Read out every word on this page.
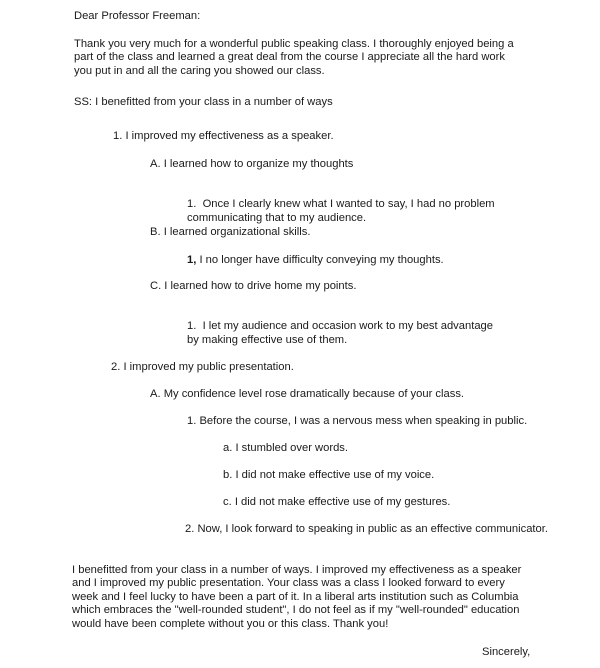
Dear Professor Freeman:
Thank you very much for a wonderful public speaking class. I thoroughly enjoyed being a
part of the class and learned a great deal from the course I appreciate all the hard work
you put in and all the caring you showed our class.
SS: I benefitted from your class in a number of ways
1. I improved my effectiveness as a speaker.
A. I learned how to organize my thoughts

1. Once I clearly knew what I wanted to say, I had no problem
communicating that to my audience.

B. I learned organizational skills.
1, I no longer have difficulty conveying my thoughts.
C. I learned how to drive home my points.

1. I let my audience and occasion work to my best advantage
by making effective use of them.

2. I improved my public presentation.
A. My confidence level rose dramatically because of your class.
1. Before the course, I was a nervous mess when speaking in public.
a. I stumbled over words.
b. I did not make effective use of my voice.
c. I did not make effective use of my gestures.
2. Now, I look forward to speaking in public as an effective communicator.
I benefitted from your class in a number of ways. I improved my effectiveness as a speaker
and I improved my public presentation. Your class was a class I looked forward to every
week and I feel lucky to have been a part of it. In a liberal arts institution such as Columbia
which embraces the "well-rounded student", I do not feel as if my "well-rounded" education
would have been complete without you or this class. Thank you!
Sincerely,
